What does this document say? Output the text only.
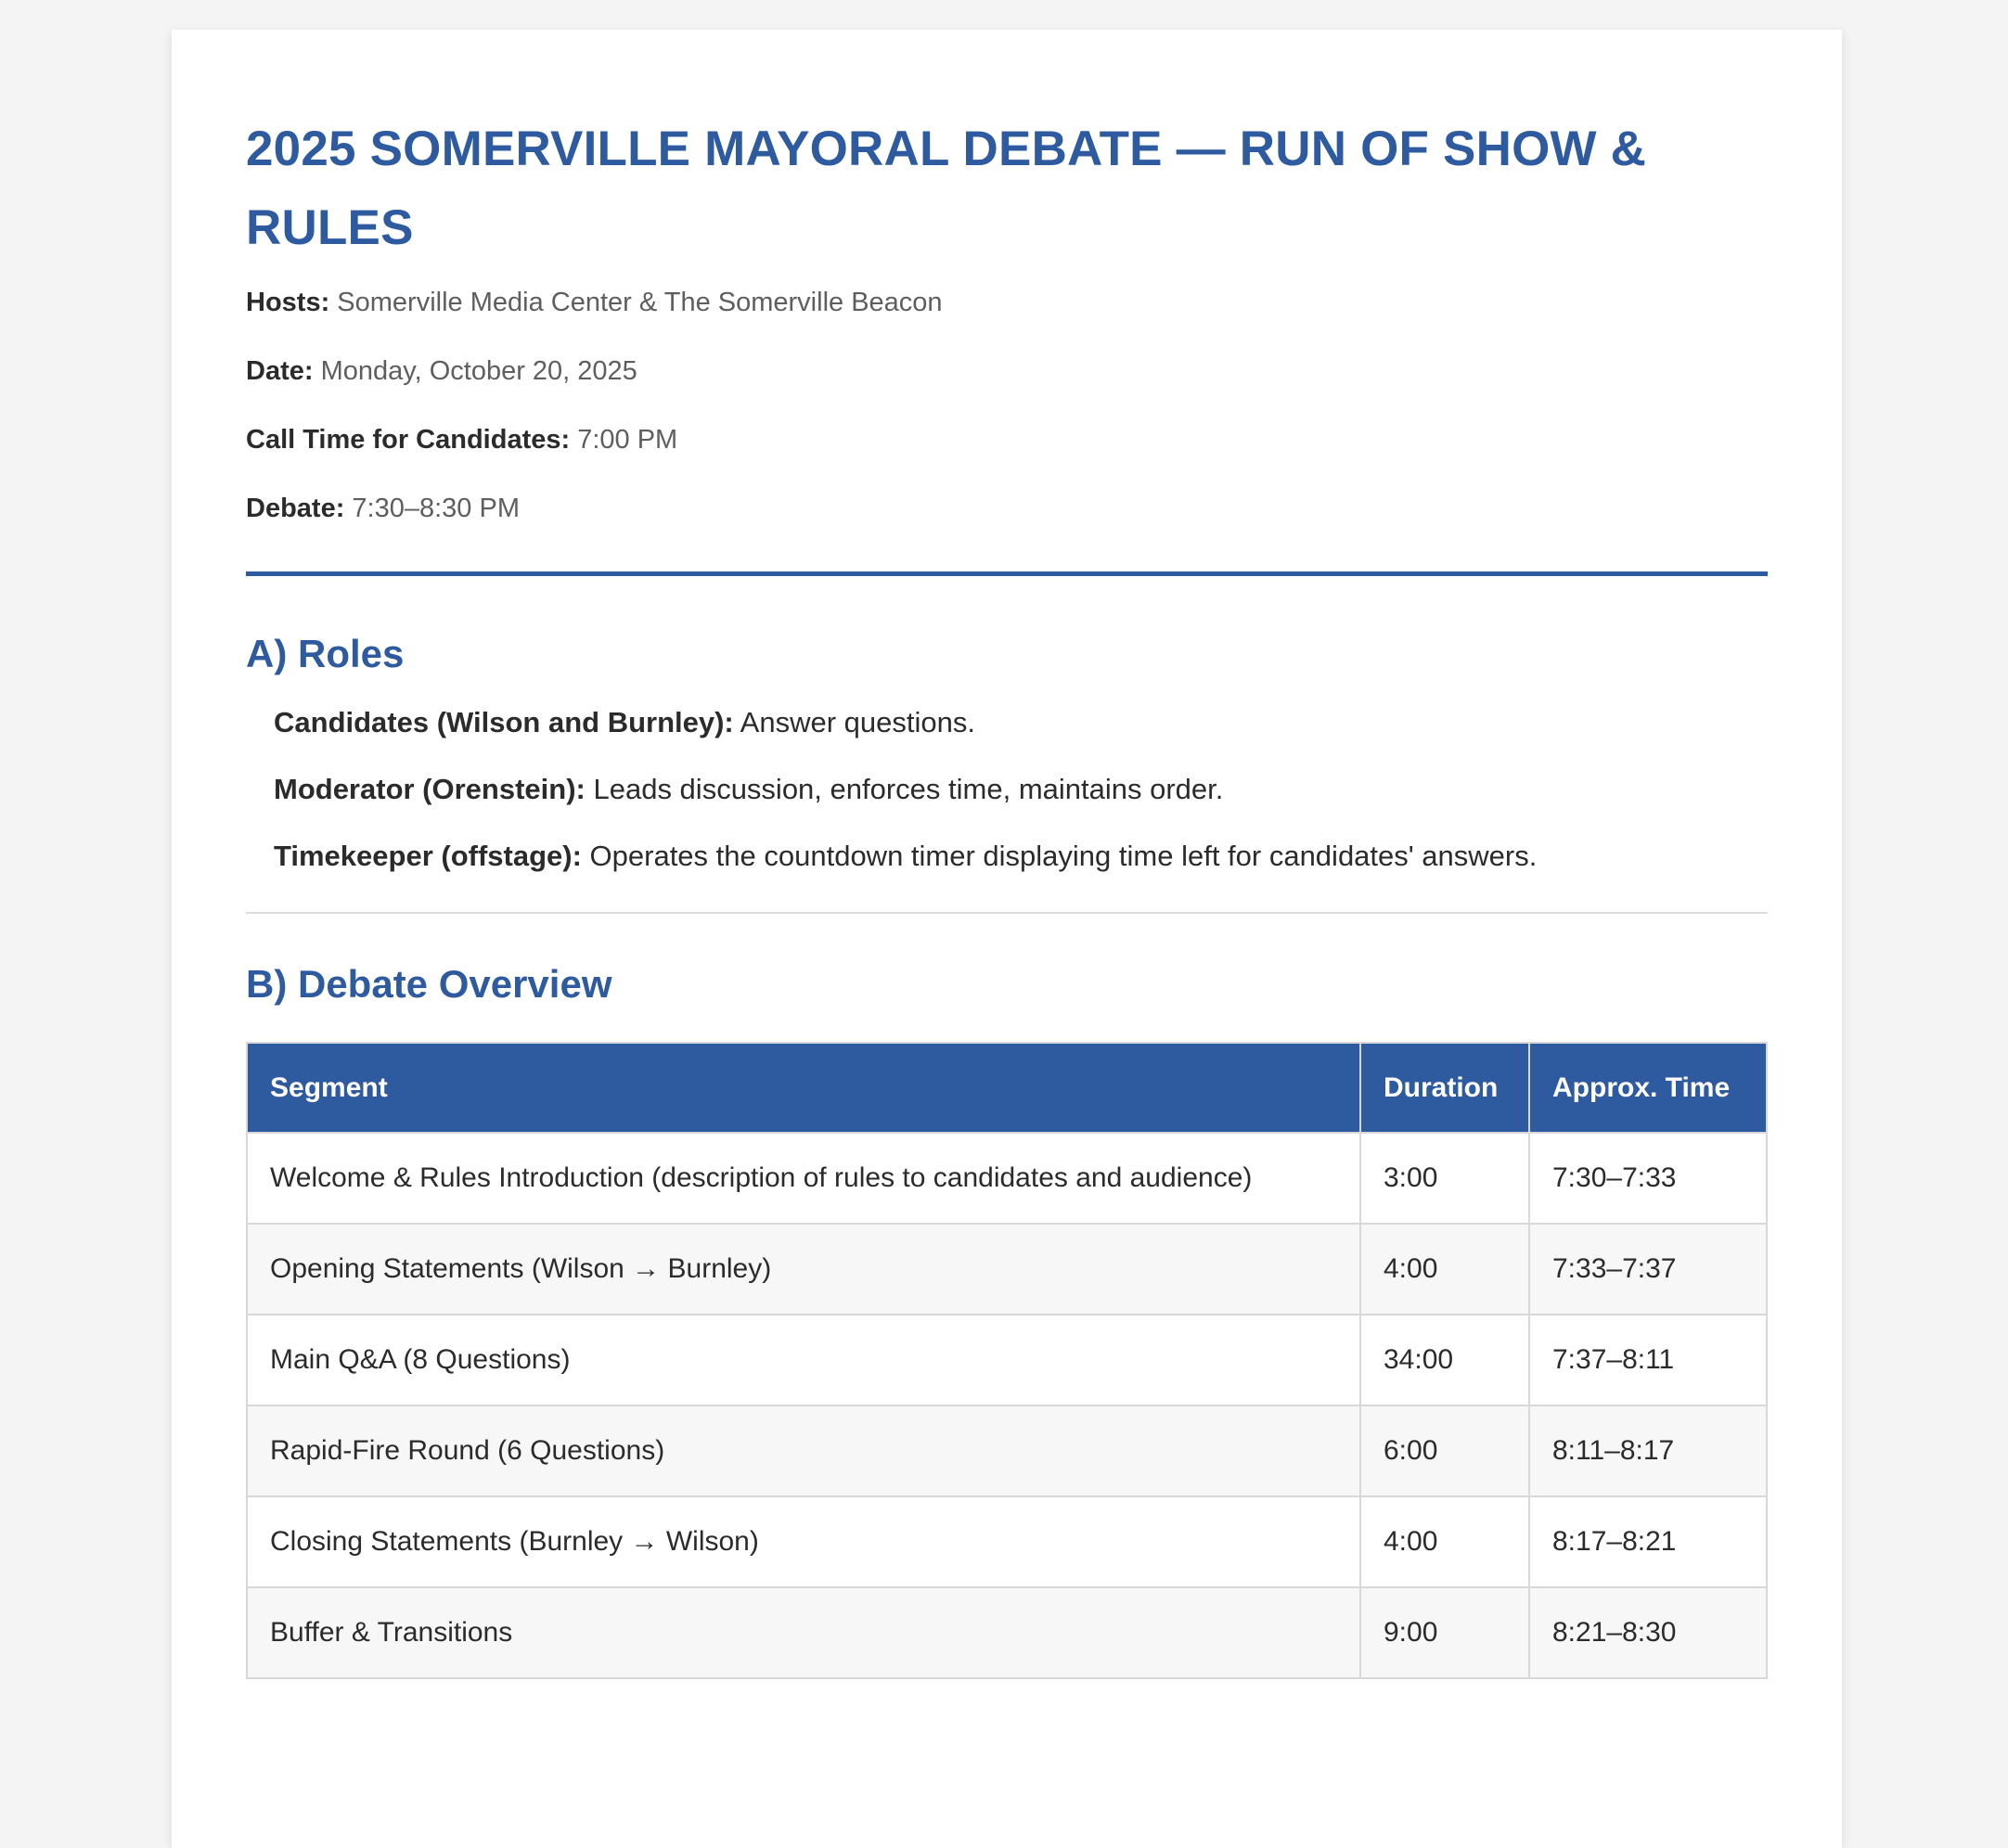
2025 SOMERVILLE MAYORAL DEBATE — RUN OF SHOW & RULES
Hosts: Somerville Media Center & The Somerville Beacon
Date: Monday, October 20, 2025
Call Time for Candidates: 7:00 PM
Debate: 7:30–8:30 PM
A) Roles
Candidates (Wilson and Burnley): Answer questions.
Moderator (Orenstein): Leads discussion, enforces time, maintains order.
Timekeeper (offstage): Operates the countdown timer displaying time left for candidates' answers.
B) Debate Overview
Segment	Duration	Approx. Time
Welcome & Rules Introduction (description of rules to candidates and audience)	3:00	7:30–7:33
Opening Statements (Wilson → Burnley)	4:00	7:33–7:37
Main Q&A (8 Questions)	34:00	7:37–8:11
Rapid-Fire Round (6 Questions)	6:00	8:11–8:17
Closing Statements (Burnley → Wilson)	4:00	8:17–8:21
Buffer & Transitions	9:00	8:21–8:30
